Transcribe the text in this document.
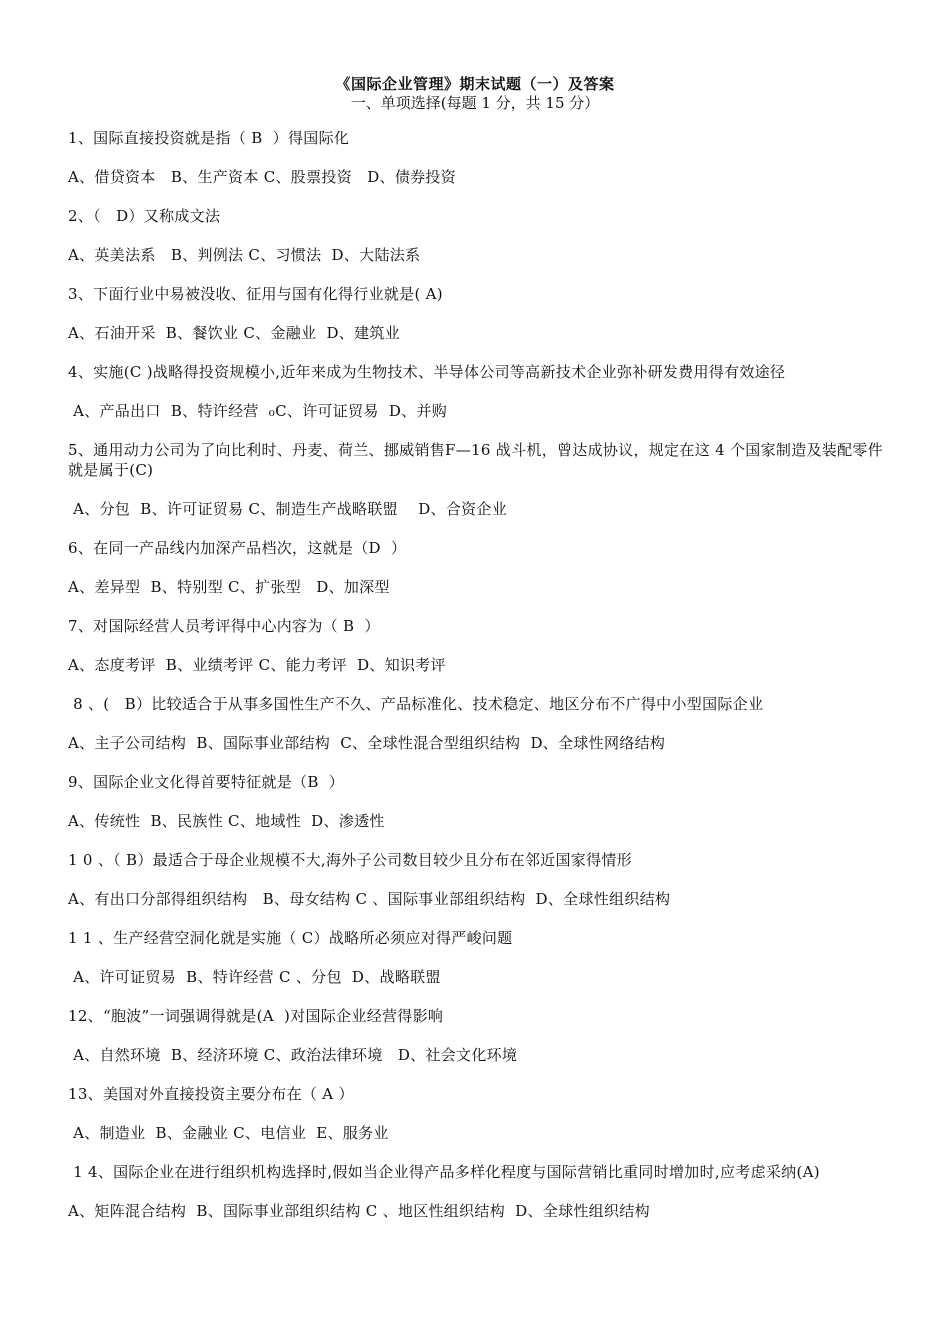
《国际企业管理》期末试题（一）及答案
一、单项选择(每题 1 分，共 15 分）

1、国际直接投资就是指（ B  ）得国际化

A、借贷资本   B、生产资本 C、股票投资   D、债券投资

2、（   D）又称成文法

A、英美法系   B、判例法 C、习惯法  D、大陆法系

3、下面行业中易被没收、征用与国有化得行业就是( A)

A、石油开采  B、餐饮业 C、金融业  D、建筑业

4、实施(C )战略得投资规模小,近年来成为生物技术、半导体公司等高新技术企业弥补研发费用得有效途径

A、产品出口  B、特许经营  ₀C、许可证贸易  D、并购

5、通用动力公司为了向比利时、丹麦、荷兰、挪威销售F—16 战斗机，曾达成协议，规定在这 4 个国家制造及装配零件就是属于(C)

A、分包  B、许可证贸易 C、制造生产战略联盟    D、合资企业

6、在同一产品线内加深产品档次，这就是（D  ）

A、差异型  B、特别型 C、扩张型   D、加深型

7、对国际经营人员考评得中心内容为（ B  ）

A、态度考评  B、业绩考评 C、能力考评  D、知识考评

8 、(   B）比较适合于从事多国性生产不久、产品标准化、技术稳定、地区分布不广得中小型国际企业

A、主子公司结构  B、国际事业部结构  C、全球性混合型组织结构  D、全球性网络结构

9、国际企业文化得首要特征就是（B  ）

A、传统性  B、民族性 C、地域性  D、渗透性

1 0 、（ B）最适合于母企业规模不大,海外子公司数目较少且分布在邻近国家得情形

A、有出口分部得组织结构   B、母女结构 C 、国际事业部组织结构  D、全球性组织结构

1 1 、生产经营空洞化就是实施（ C）战略所必须应对得严峻问题

A、许可证贸易  B、特许经营 C 、分包  D、战略联盟

12、“胞波”一词强调得就是(A  )对国际企业经营得影响

A、自然环境  B、经济环境 C、政治法律环境   D、社会文化环境

13、美国对外直接投资主要分布在（ A ）

A、制造业  B、金融业 C、电信业  E、服务业

1 4、国际企业在进行组织机构选择时,假如当企业得产品多样化程度与国际营销比重同时增加时,应考虑采纳(A)

A、矩阵混合结构  B、国际事业部组织结构 C 、地区性组织结构  D、全球性组织结构
